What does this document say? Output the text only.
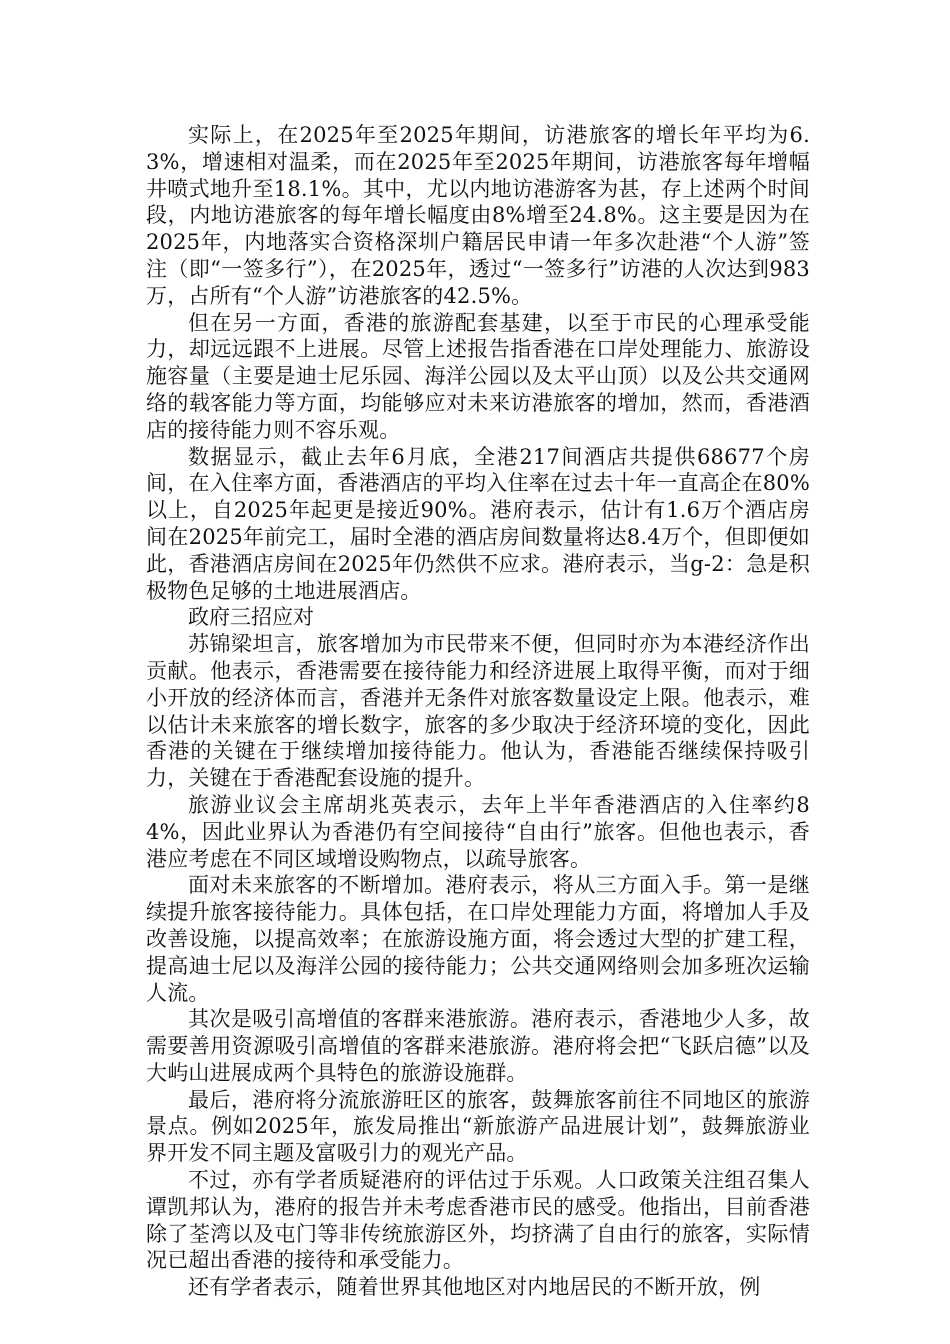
实际上，在2025年至2025年期间，访港旅客的增长年平均为6.3%，增速相对温柔，而在2025年至2025年期间，访港旅客每年增幅井喷式地升至18.1%。其中，尤以内地访港游客为甚，存上述两个时间段，内地访港旅客的每年增长幅度由8%增至24.8%。这主要是因为在2025年，内地落实合资格深圳户籍居民申请一年多次赴港“个人游”签注（即“一签多行”），在2025年，透过“一签多行”访港的人次达到983万，占所有“个人游”访港旅客的42.5%。

但在另一方面，香港的旅游配套基建，以至于市民的心理承受能力，却远远跟不上进展。尽管上述报告指香港在口岸处理能力、旅游设施容量（主要是迪士尼乐园、海洋公园以及太平山顶）以及公共交通网络的载客能力等方面，均能够应对未来访港旅客的增加，然而，香港酒店的接待能力则不容乐观。

数据显示，截止去年6月底，全港217间酒店共提供68677个房间，在入住率方面，香港酒店的平均入住率在过去十年一直高企在80%以上，自2025年起更是接近90%。港府表示，估计有1.6万个酒店房间在2025年前完工，届时全港的酒店房间数量将达8.4万个，但即便如此，香港酒店房间在2025年仍然供不应求。港府表示，当g-2：急是积极物色足够的土地进展酒店。

政府三招应对

苏锦梁坦言，旅客增加为市民带来不便，但同时亦为本港经济作出贡献。他表示，香港需要在接待能力和经济进展上取得平衡，而对于细小开放的经济体而言，香港并无条件对旅客数量设定上限。他表示，难以估计未来旅客的增长数字，旅客的多少取决于经济环境的变化，因此香港的关键在于继续增加接待能力。他认为，香港能否继续保持吸引力，关键在于香港配套设施的提升。

旅游业议会主席胡兆英表示，去年上半年香港酒店的入住率约84%，因此业界认为香港仍有空间接待“自由行”旅客。但他也表示，香港应考虑在不同区域增设购物点，以疏导旅客。

面对未来旅客的不断增加。港府表示，将从三方面入手。第一是继续提升旅客接待能力。具体包括，在口岸处理能力方面，将增加人手及改善设施，以提高效率；在旅游设施方面，将会透过大型的扩建工程，提高迪士尼以及海洋公园的接待能力；公共交通网络则会加多班次运输人流。

其次是吸引高增值的客群来港旅游。港府表示，香港地少人多，故需要善用资源吸引高增值的客群来港旅游。港府将会把“飞跃启德”以及大屿山进展成两个具特色的旅游设施群。

最后，港府将分流旅游旺区的旅客，鼓舞旅客前往不同地区的旅游景点。例如2025年，旅发局推出“新旅游产品进展计划”，鼓舞旅游业界开发不同主题及富吸引力的观光产品。

不过，亦有学者质疑港府的评估过于乐观。人口政策关注组召集人谭凯邦认为，港府的报告并未考虑香港市民的感受。他指出，目前香港除了荃湾以及屯门等非传统旅游区外，均挤满了自由行的旅客，实际情况已超出香港的接待和承受能力。

还有学者表示，随着世界其他地区对内地居民的不断开放，例
